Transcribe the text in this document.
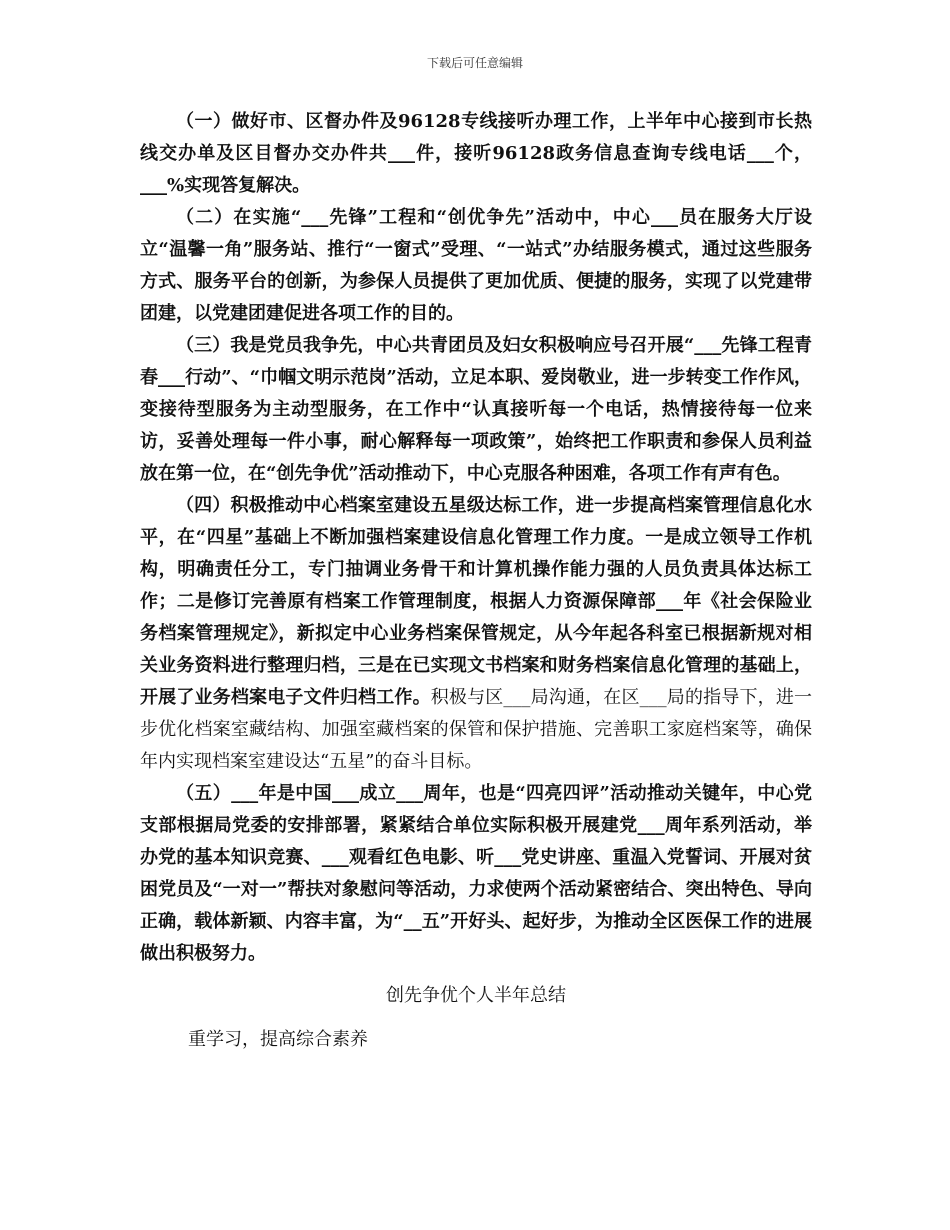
下载后可任意编辑

（一）做好市、区督办件及96128专线接听办理工作，上半年中心接到市长热线交办单及区目督办交办件共___件，接听96128政务信息查询专线电话___个，___%实现答复解决。

（二）在实施“___先锋”工程和“创优争先”活动中，中心___员在服务大厅设立“温馨一角”服务站、推行“一窗式”受理、“一站式”办结服务模式，通过这些服务方式、服务平台的创新，为参保人员提供了更加优质、便捷的服务，实现了以党建带团建，以党建团建促进各项工作的目的。

（三）我是党员我争先，中心共青团员及妇女积极响应号召开展“___先锋工程青春___行动”、“巾帼文明示范岗”活动，立足本职、爱岗敬业，进一步转变工作作风，变接待型服务为主动型服务，在工作中“认真接听每一个电话，热情接待每一位来访，妥善处理每一件小事，耐心解释每一项政策”，始终把工作职责和参保人员利益放在第一位，在“创先争优”活动推动下，中心克服各种困难，各项工作有声有色。

（四）积极推动中心档案室建设五星级达标工作，进一步提高档案管理信息化水平，在“四星”基础上不断加强档案建设信息化管理工作力度。一是成立领导工作机构，明确责任分工，专门抽调业务骨干和计算机操作能力强的人员负责具体达标工作；二是修订完善原有档案工作管理制度，根据人力资源保障部___年《社会保险业务档案管理规定》，新拟定中心业务档案保管规定，从今年起各科室已根据新规对相关业务资料进行整理归档，三是在已实现文书档案和财务档案信息化管理的基础上，开展了业务档案电子文件归档工作。积极与区___局沟通，在区___局的指导下，进一步优化档案室藏结构、加强室藏档案的保管和保护措施、完善职工家庭档案等，确保年内实现档案室建设达“五星”的奋斗目标。

（五）___年是中国___成立___周年，也是“四亮四评”活动推动关键年，中心党支部根据局党委的安排部署，紧紧结合单位实际积极开展建党___周年系列活动，举办党的基本知识竞赛、___观看红色电影、听___党史讲座、重温入党誓词、开展对贫困党员及“一对一”帮扶对象慰问等活动，力求使两个活动紧密结合、突出特色、导向正确，载体新颖、内容丰富，为“__五”开好头、起好步，为推动全区医保工作的进展做出积极努力。

创先争优个人半年总结

重学习，提高综合素养
